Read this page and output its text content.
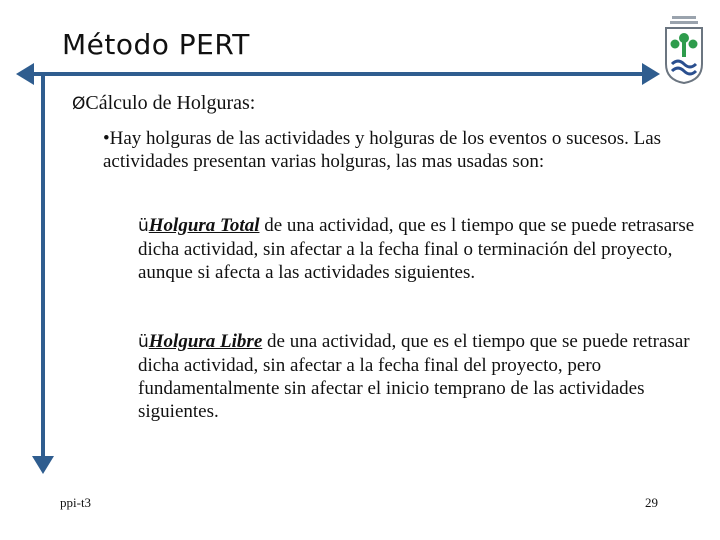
Método PERT
ØCálculo de Holguras:
•Hay holguras de las actividades y holguras de los eventos o sucesos. Las actividades presentan varias holguras, las mas usadas son:
üHolgura Total de una actividad, que es l tiempo que se puede retrasarse dicha actividad, sin afectar a la fecha final o terminación del proyecto, aunque si afecta a las actividades siguientes.
üHolgura Libre de una actividad, que es el tiempo que se puede retrasar dicha actividad, sin afectar a la fecha final del proyecto, pero fundamentalmente sin afectar el inicio temprano de las actividades siguientes.
ppi-t3	29
